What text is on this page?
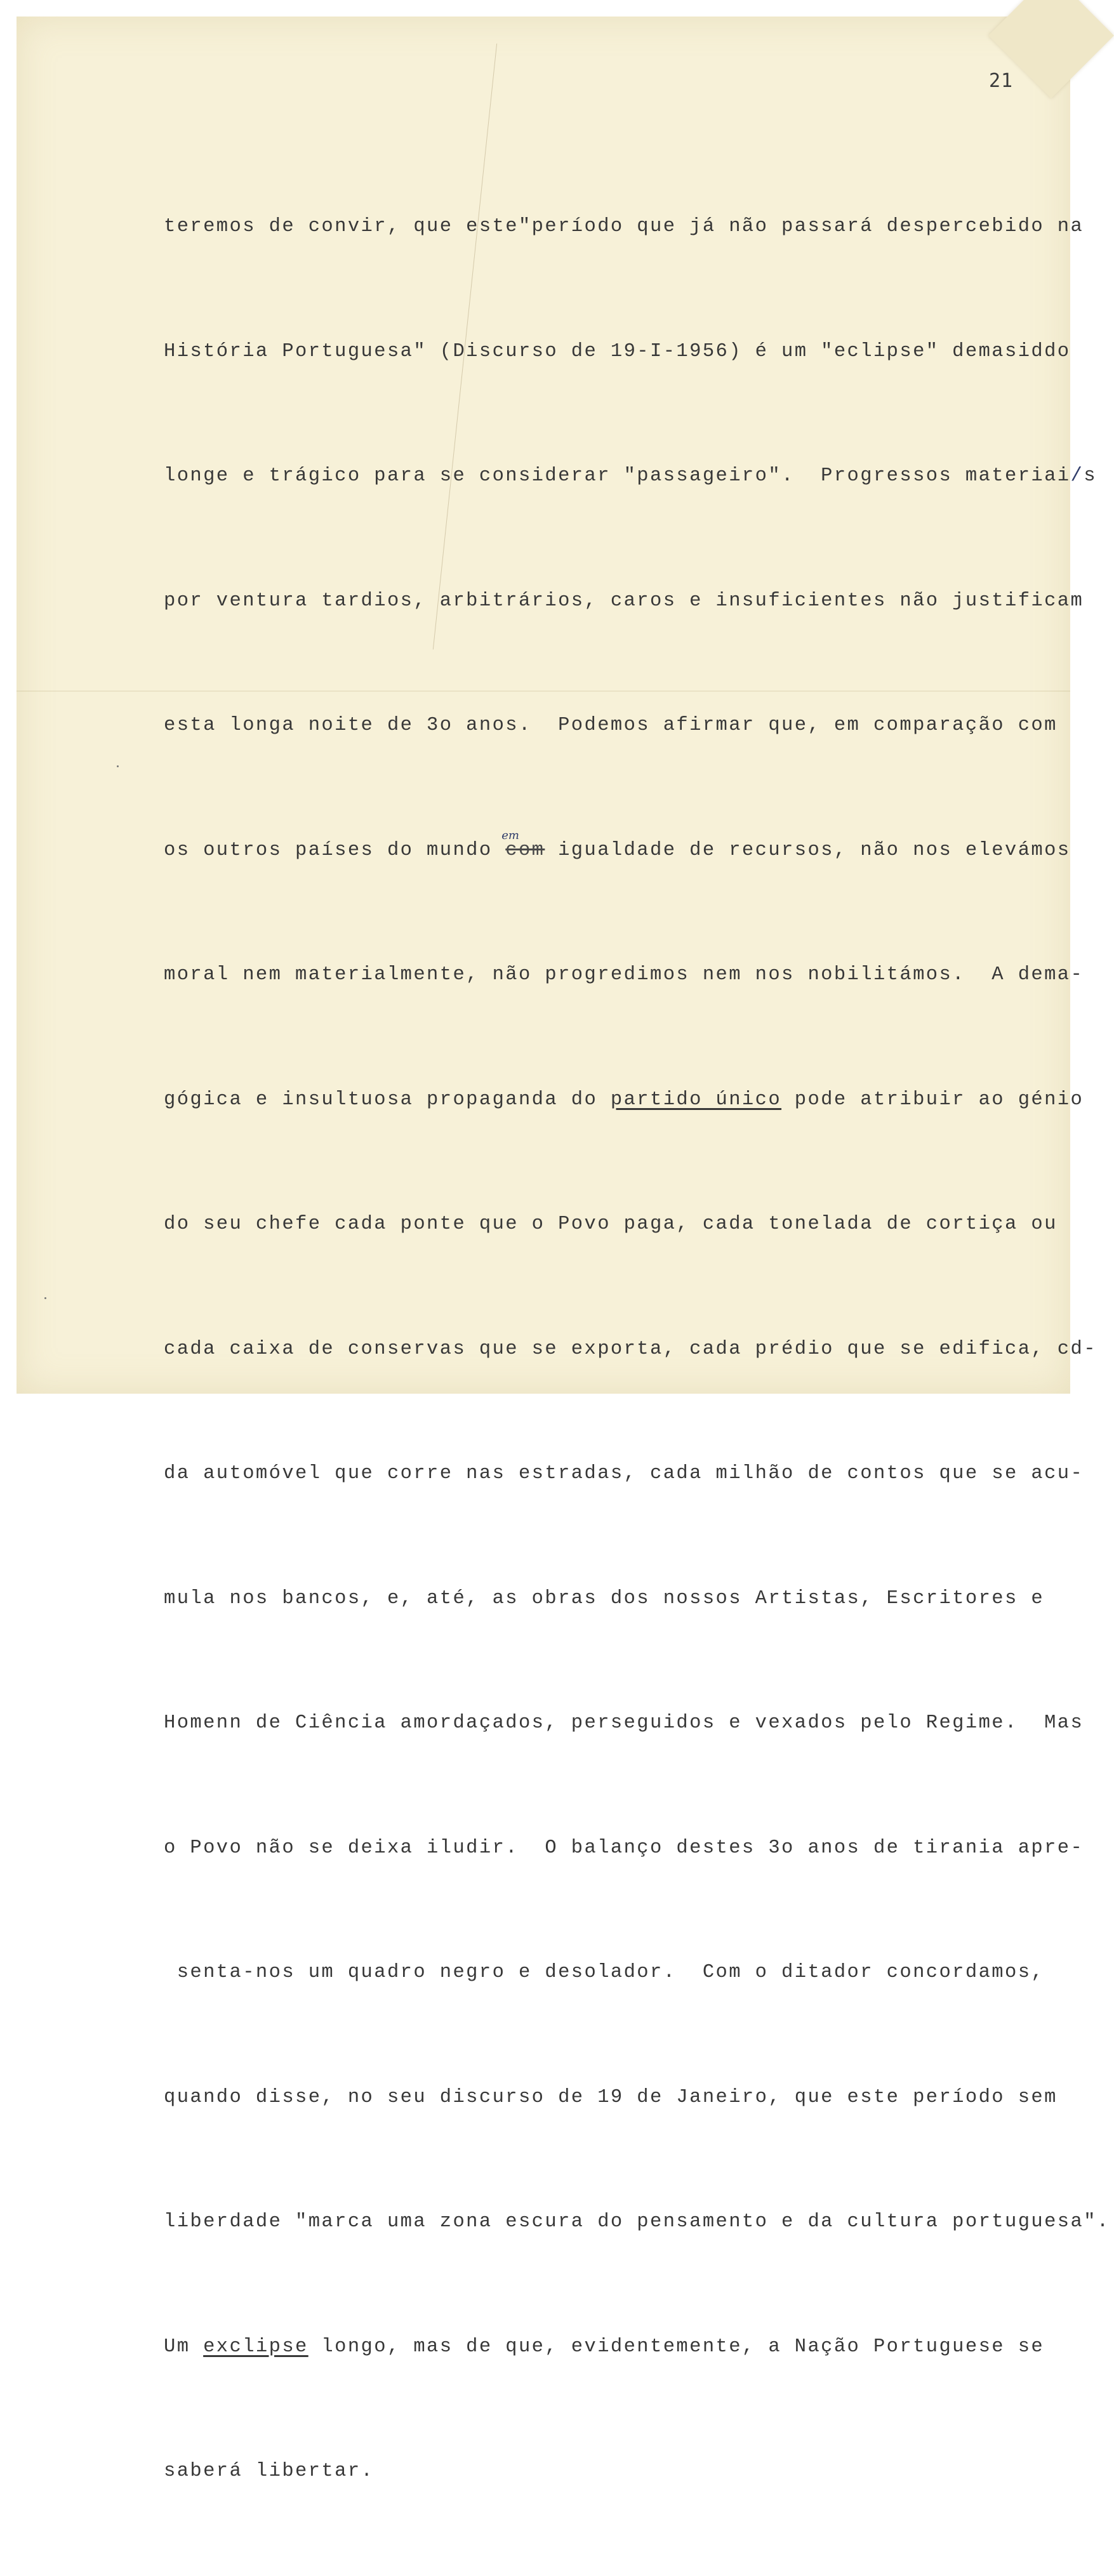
21

teremos de convir, que este"período que já não passará despercebido na

História Portuguesa" (Discurso de 19-I-1956) é um "eclipse" demasiddo

longe e trágico para se considerar "passageiro".  Progressos materiai/s

por ventura tardios, arbitrários, caros e insuficientes não justificam

esta longa noite de 3o anos.  Podemos afirmar que, em comparação com

os outros países do mundo
em
com igualdade de recursos, não nos elevámos

moral nem materialmente, não progredimos nem nos nobilitámos.  A dema-

gógica e insultuosa propaganda do partido único pode atribuir ao génio

do seu chefe cada ponte que o Povo paga, cada tonelada de cortiça ou

cada caixa de conservas que se exporta, cada prédio que se edifica, cd-

da automóvel que corre nas estradas, cada milhão de contos que se acu-

mula nos bancos, e, até, as obras dos nossos Artistas, Escritores e

Homenn de Ciência amordaçados, perseguidos e vexados pelo Regime.  Mas

o Povo não se deixa iludir.  O balanço destes 3o anos de tirania apre-

senta-nos um quadro negro e desolador.  Com o ditador concordamos,

quando disse, no seu discurso de 19 de Janeiro, que este período sem

liberdade "marca uma zona escura do pensamento e da cultura portuguesa".

Um exclipse longo, mas de que, evidentemente, a Nação Portuguese se

saberá libertar.
